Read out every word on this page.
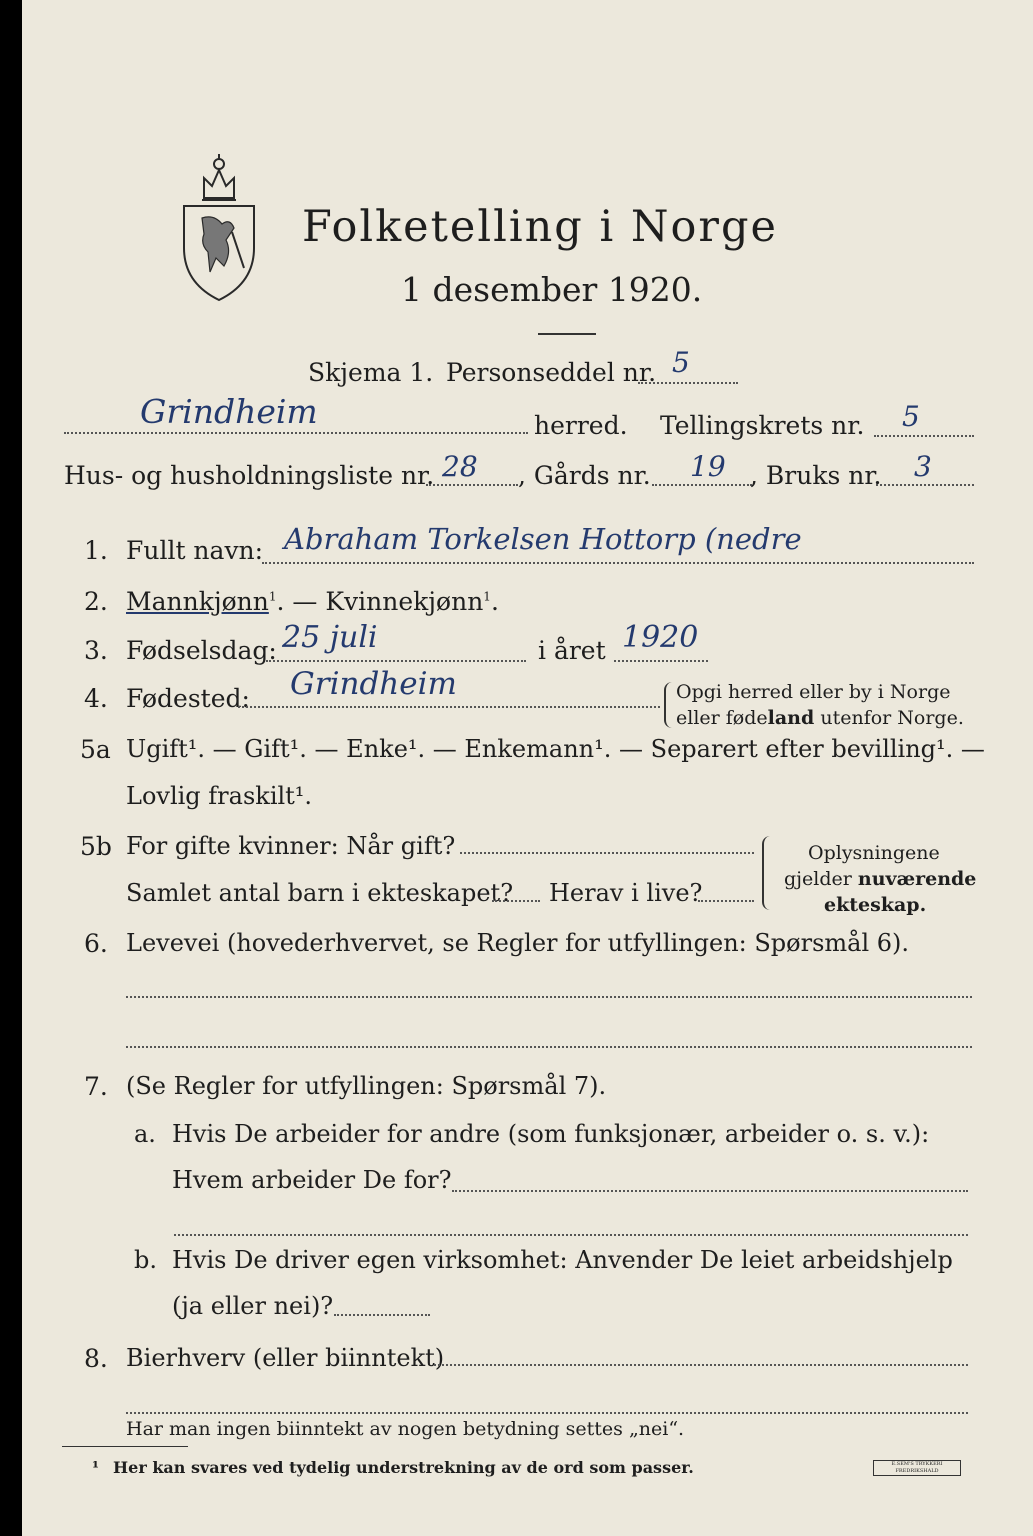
Folketelling i Norge
1 desember 1920.
Skjema 1. Personseddel nr. 5
Grindheim	herred. Tellingskrets nr. 5
Hus- og husholdningsliste nr. 28 , Gårds nr. 19 , Bruks nr. 3
1. Fullt navn: Abraham Torkelsen Hottorp (nedre
2. Mannkjønn$^1$. — Kvinnekjønn$^1$.
3. Fødselsdag: 25 juli	i året 1920
4. Fødested: Grindheim	Opgi herred eller by i Norge
eller fødeland utenfor Norge.
5a Ugift¹. — Gift¹. — Enke¹. — Enkemann¹. — Separert efter bevilling¹. —
Lovlig fraskilt¹.
5b For gifte kvinner: Når gift?
Samlet antal barn i ekteskapet? Herav i live?
Oplysningene
gjelder nuværende
ekteskap.
6. Levevei (hovederhvervet, se Regler for utfyllingen: Spørsmål 6).
7. (Se Regler for utfyllingen: Spørsmål 7).
a. Hvis De arbeider for andre (som funksjonær, arbeider o. s. v.):
Hvem arbeider De for?
b. Hvis De driver egen virksomhet: Anvender De leiet arbeidshjelp
(ja eller nei)?
8. Bierhverv (eller biinntekt)
Har man ingen biinntekt av nogen betydning settes „nei“.
¹ Her kan svares ved tydelig understrekning av de ord som passer.	E.SEM'S TRYKKERI FREDRIKSHALD
